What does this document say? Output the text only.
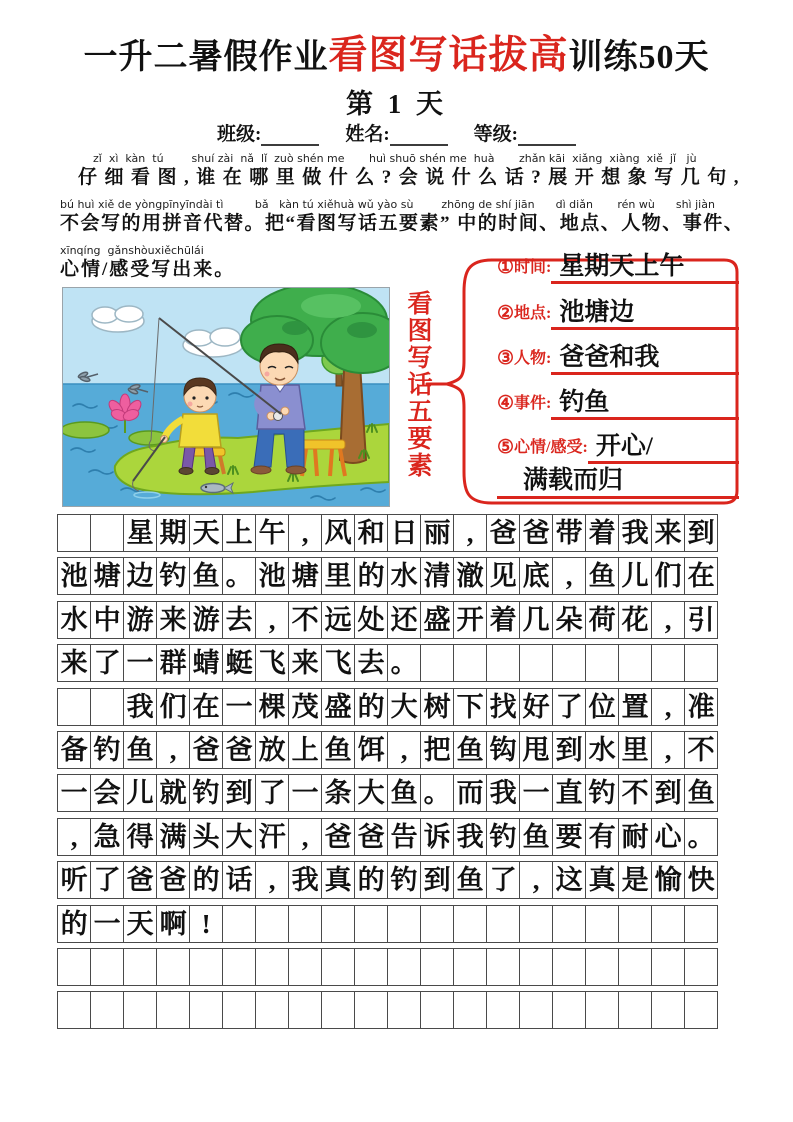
一升二暑假作业看图写话拔高训练50天
第 1 天
班级:	姓名:	等级:
zǐ  xì  kàn  tú        shuí zài  nǎ  lǐ  zuò shén me       huì shuō shén me  huà       zhǎn kāi  xiǎng  xiàng  xiě  jǐ   jù
仔细看图,谁在哪里做什么?会说什么话?展开想象写几句,
bú huì xiě de yòngpīnyīndài tì         bǎ   kàn tú xiěhuà wǔ yào sù        zhōng de shí jiān      dì diǎn       rén wù      shì jiàn
不会写的用拼音代替。把“看图写话五要素” 中的时间、地点、人物、事件、
xīnqíng  gǎnshòuxiěchūlái
心情/感受写出来。
看图写话五要素
①时间: 星期天上午
②地点: 池塘边
③人物: 爸爸和我
④事件: 钓鱼
⑤心情/感受: 开心/
满载而归
星 期 天 上 午 , 风 和 日 丽 , 爸 爸 带 着 我 来 到
池 塘 边 钓 鱼 。 池 塘 里 的 水 清 澈 见 底 , 鱼 儿 们 在
水 中 游 来 游 去 , 不 远 处 还 盛 开 着 几 朵 荷 花 , 引
来 了 一 群 蜻 蜓 飞 来 飞 去 。
我 们 在 一 棵 茂 盛 的 大 树 下 找 好 了 位 置 , 准
备 钓 鱼 , 爸 爸 放 上 鱼 饵 , 把 鱼 钩 甩 到 水 里 , 不
一 会 儿 就 钓 到 了 一 条 大 鱼 。 而 我 一 直 钓 不 到 鱼
, 急 得 满 头 大 汗 , 爸 爸 告 诉 我 钓 鱼 要 有 耐 心 。
听 了 爸 爸 的 话 , 我 真 的 钓 到 鱼 了 , 这 真 是 愉 快
的 一 天 啊 !
